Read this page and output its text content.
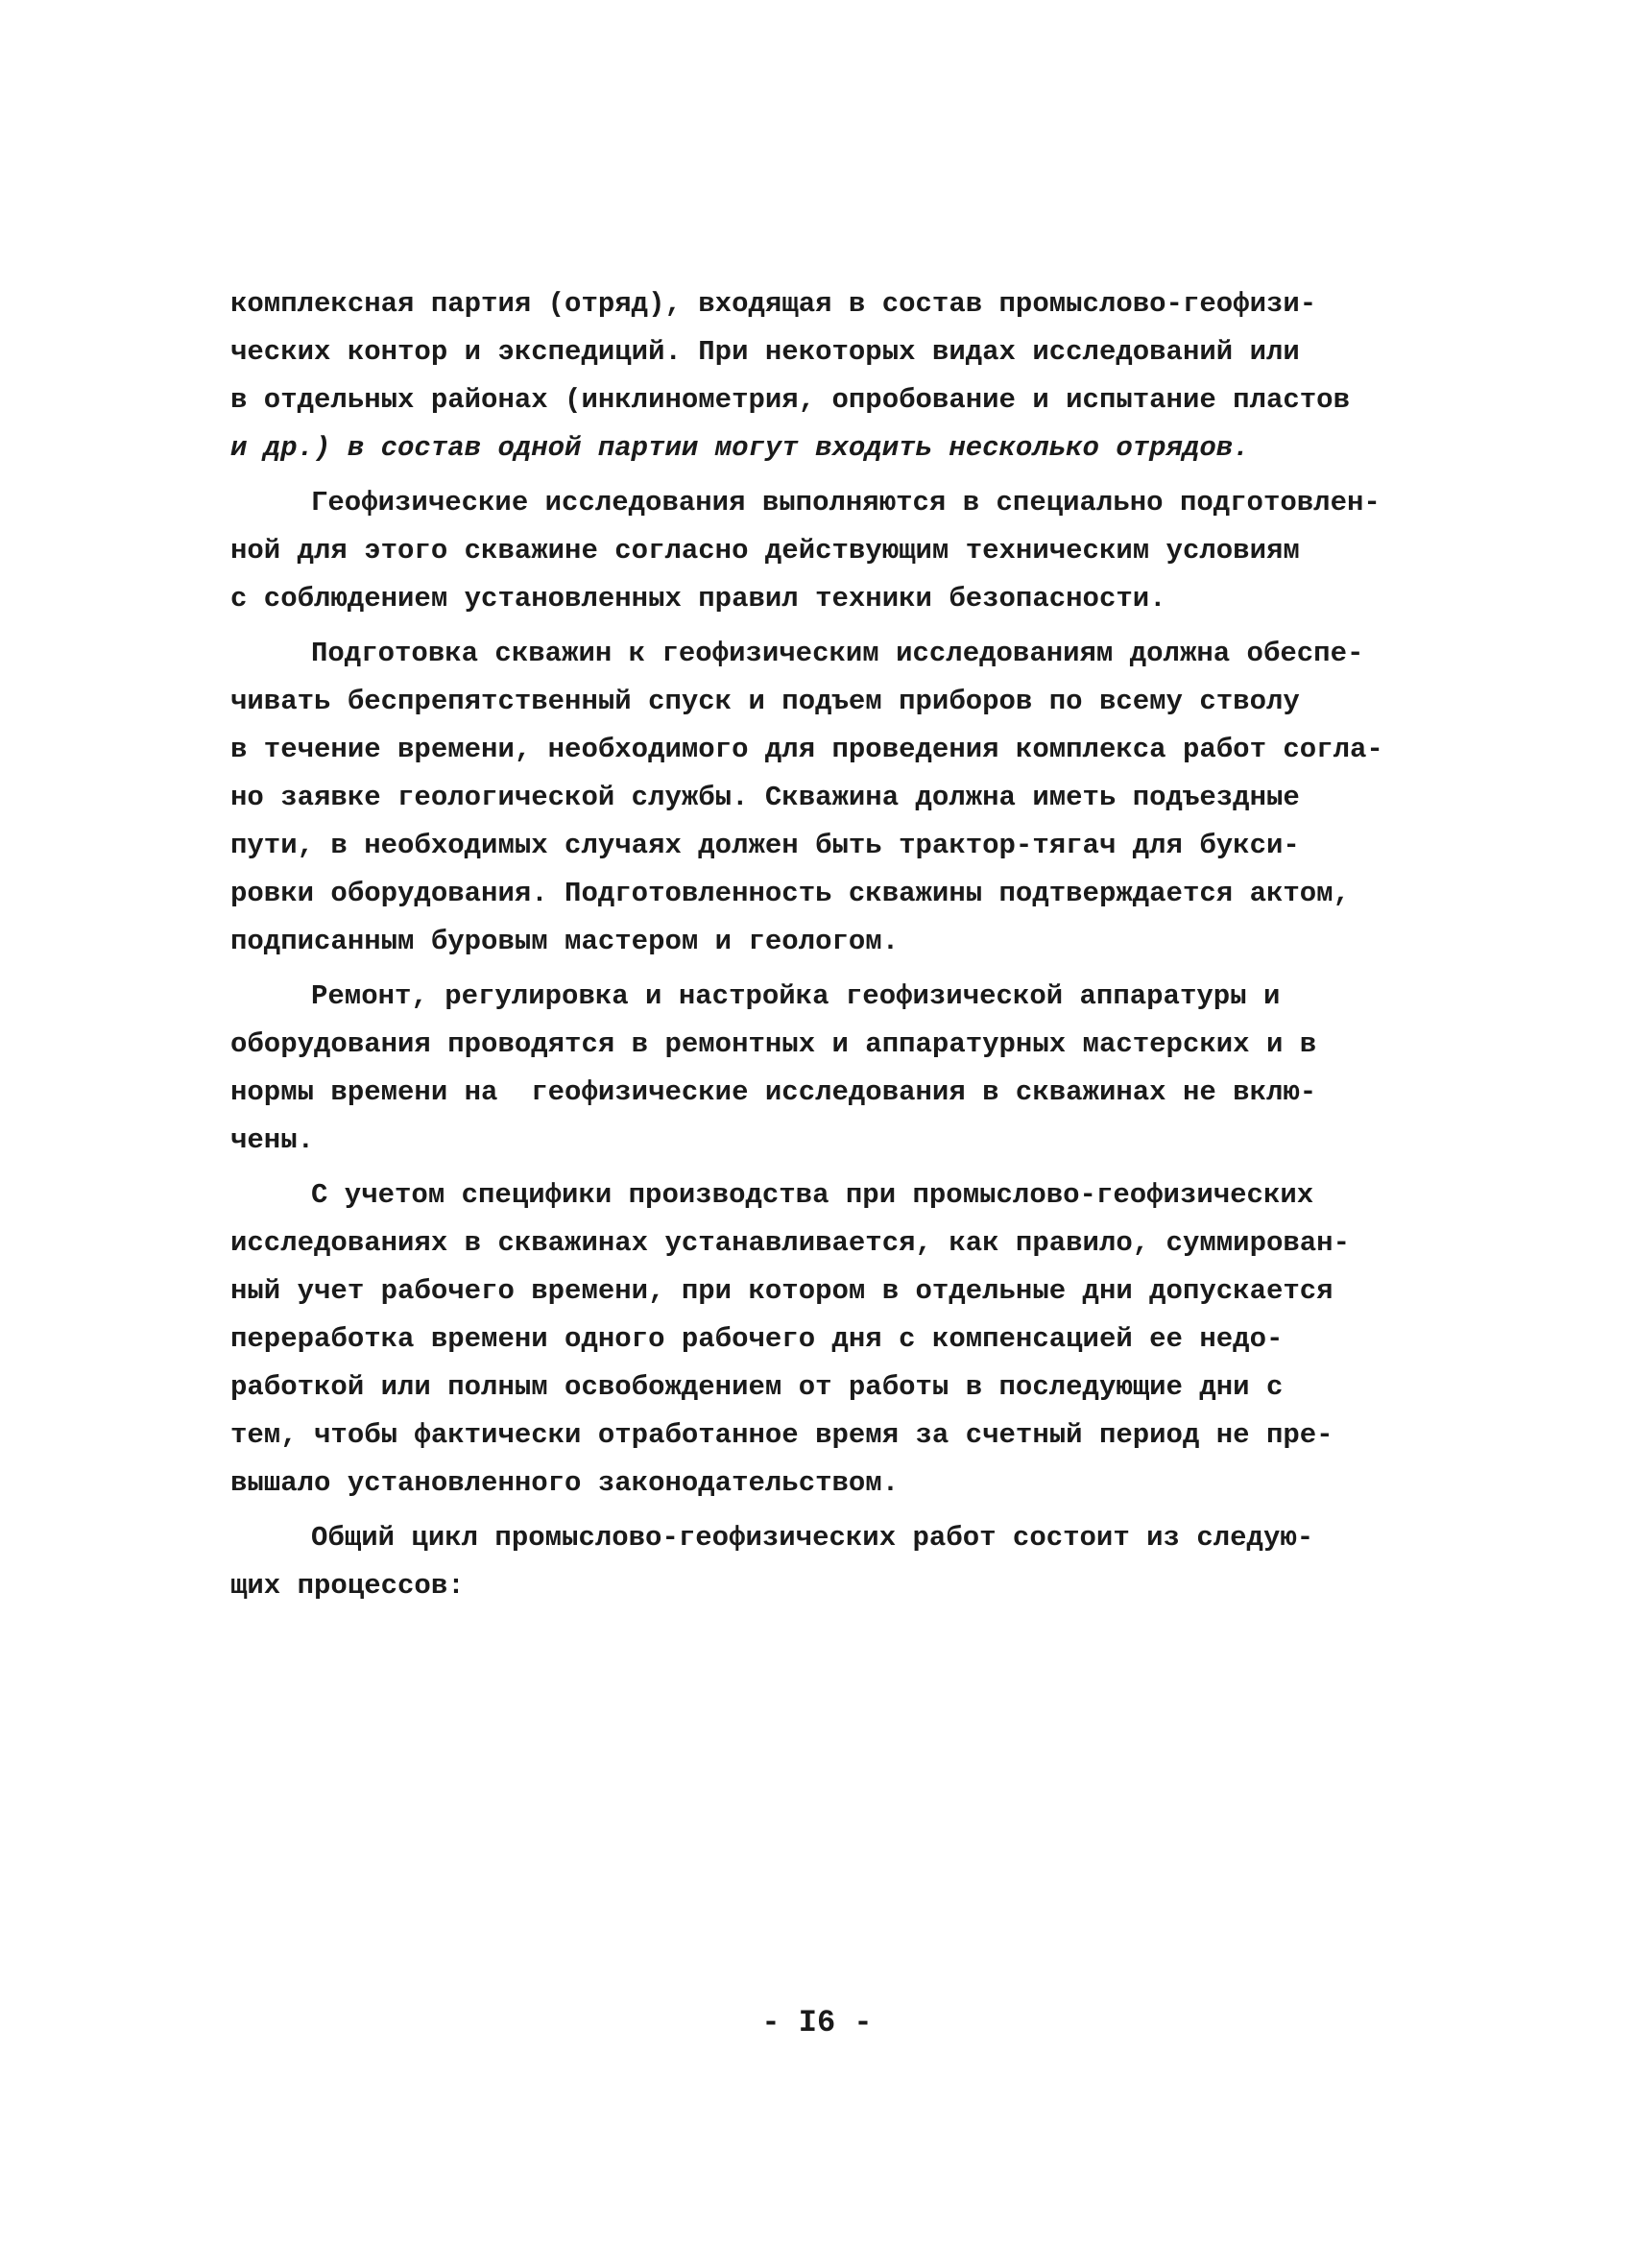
комплексная партия (отряд), входящая в состав промыслово-геофизи-
ческих контор и экспедиций. При некоторых видах исследований или
в отдельных районах (инклинометрия, опробование и испытание пластов
и др.) в состав одной партии могут входить несколько отрядов.
Геофизические исследования выполняются в специально подготовлен-
ной для этого скважине согласно действующим техническим условиям
с соблюдением установленных правил техники безопасности.
Подготовка скважин к геофизическим исследованиям должна обеспе-
чивать беспрепятственный спуск и подъем приборов по всему стволу
в течение времени, необходимого для проведения комплекса работ согла-
но заявке геологической службы. Скважина должна иметь подъездные
пути, в необходимых случаях должен быть трактор-тягач для букси-
ровки оборудования. Подготовленность скважины подтверждается актом,
подписанным буровым мастером и геологом.
Ремонт, регулировка и настройка геофизической аппаратуры и
оборудования проводятся в ремонтных и аппаратурных мастерских и в
нормы времени на  геофизические исследования в скважинах не вклю-
чены.
С учетом специфики производства при промыслово-геофизических
исследованиях в скважинах устанавливается, как правило, суммирован-
ный учет рабочего времени, при котором в отдельные дни допускается
переработка времени одного рабочего дня с компенсацией ее недо-
работкой или полным освобождением от работы в последующие дни с
тем, чтобы фактически отработанное время за счетный период не пре-
вышало установленного законодательством.
Общий цикл промыслово-геофизических работ состоит из следую-
щих процессов:
- I6 -
